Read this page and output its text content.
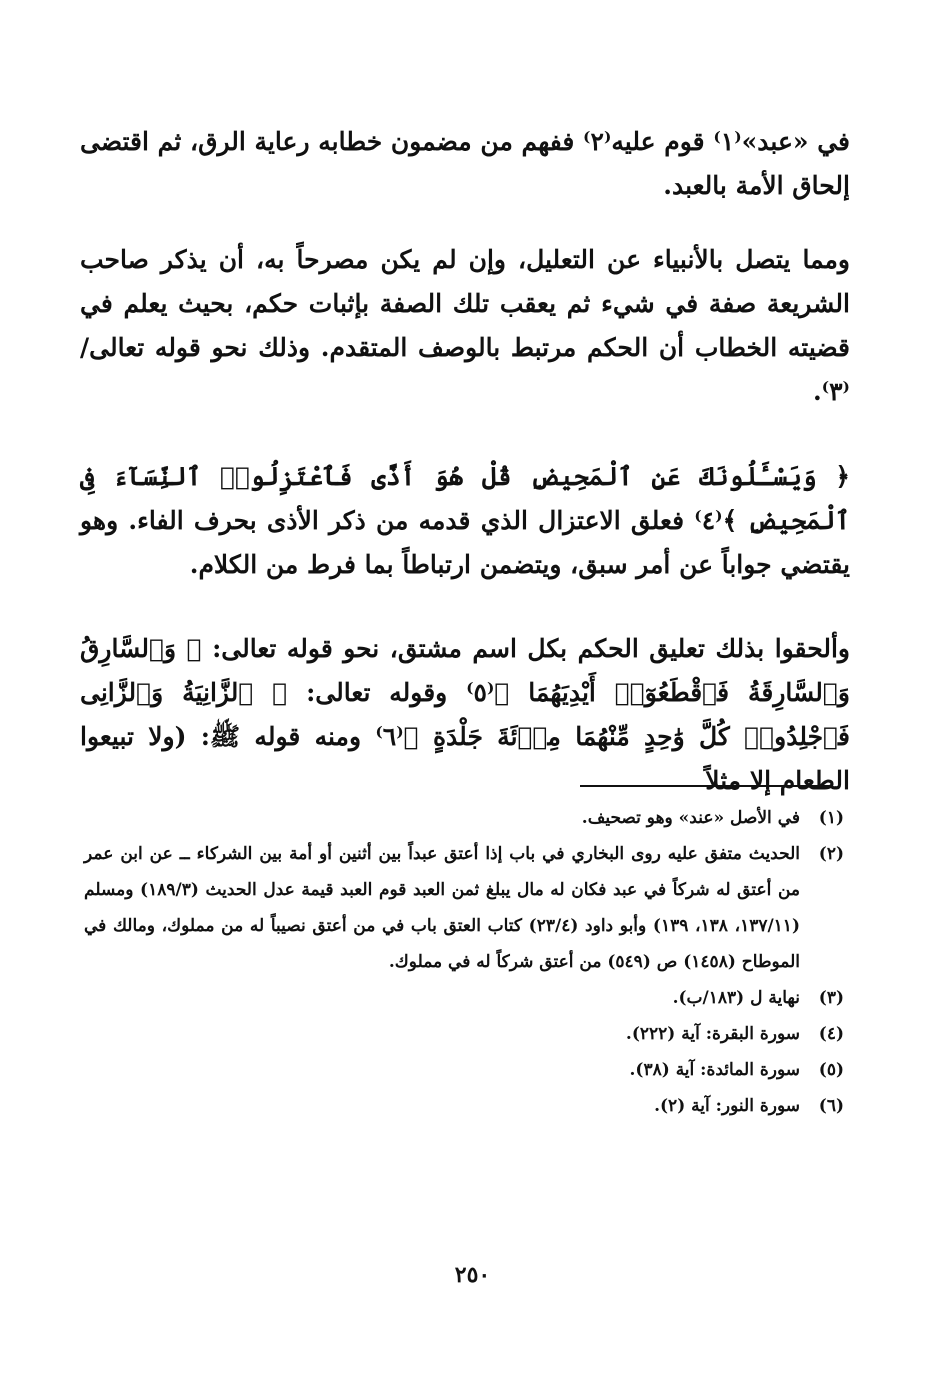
في «عبد»⁽١⁾ قوم عليه⁽٢⁾ ففهم من مضمون خطابه رعاية الرق، ثم اقتضى إلحاق الأمة بالعبد.

ومما يتصل بالأنبياء عن التعليل، وإن لم يكن مصرحاً به، أن يذكر صاحب الشريعة صفة في شيء ثم يعقب تلك الصفة بإثبات حكم، بحيث يعلم في قضيته الخطاب أن الحكم مرتبط بالوصف المتقدم. وذلك نحو قوله تعالى/⁽٣⁾.

﴿ وَيَسْـَٔلُونَكَ عَنِ ٱلْمَحِيضِ قُلْ هُوَ أَذًى فَٱعْتَزِلُوا۟ ٱلنِّسَآءَ فِى ٱلْمَحِيضِ ﴾⁽٤⁾ فعلق الاعتزال الذي قدمه من ذكر الأذى بحرف الفاء. وهو يقتضي جواباً عن أمر سبق، ويتضمن ارتباطاً بما فرط من الكلام.

وألحقوا بذلك تعليق الحكم بكل اسم مشتق، نحو قوله تعالى: ﴿ وَٱلسَّارِقُ وَٱلسَّارِقَةُ فَٱقْطَعُوٓا۟ أَيْدِيَهُمَا ﴾⁽٥⁾ وقوله تعالى: ﴿ ٱلزَّانِيَةُ وَٱلزَّانِى فَٱجْلِدُوا۟ كُلَّ وَٰحِدٍ مِّنْهُمَا مِا۟ئَةَ جَلْدَةٍ ﴾⁽٦⁾ ومنه قوله ﷺ: (ولا تبيعوا الطعام إلا مثلاً

(١)
في الأصل «عند» وهو تصحيف.
(٢)
الحديث متفق عليه روى البخاري في باب إذا أعتق عبداً بين أثنين أو أمة بين الشركاء ــ عن ابن عمر من أعتق له شركاً في عبد فكان له مال يبلغ ثمن العبد قوم العبد قيمة عدل الحديث (١٨٩/٣) ومسلم (١٣٧/١١، ١٣٨، ١٣٩) وأبو داود (٢٣/٤) كتاب العتق باب في من أعتق نصيباً له من مملوك، ومالك في الموطاح (١٤٥٨) ص (٥٤٩) من أعتق شركاً له في مملوك.
(٣)
نهاية ل (١٨٣/ب).
(٤)
سورة البقرة: آية (٢٢٢).
(٥)
سورة المائدة: آية (٣٨).
(٦)
سورة النور: آية (٢).
٢٥٠
